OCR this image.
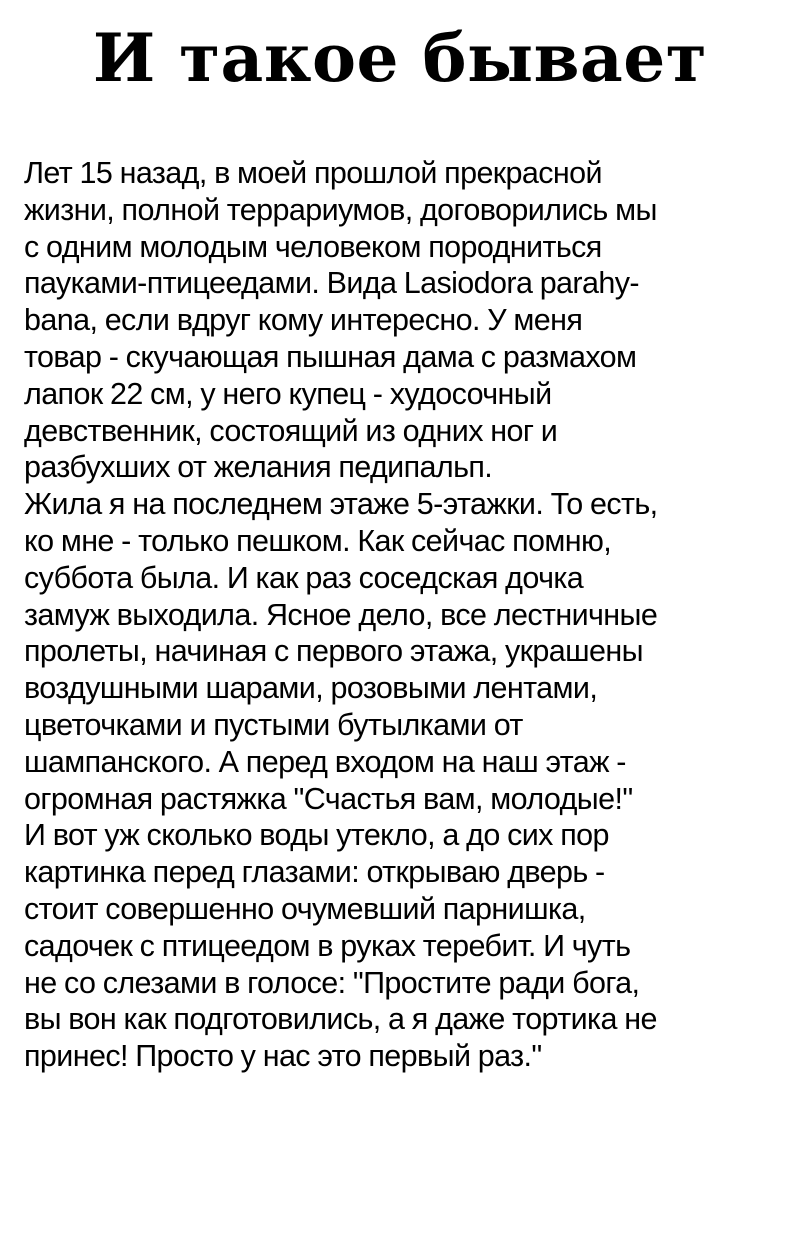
И такое бывает
Лет 15 назад, в моей прошлой прекрасной
жизни, полной террариумов, договорились мы
с одним молодым человеком породниться
пауками-птицеедами. Вида Lasiodora parahy-
bana, если вдруг кому интересно. У меня
товар - скучающая пышная дама с размахом
лапок 22 см, у него купец - худосочный
девственник, состоящий из одних ног и
разбухших от желания педипальп.
Жила я на последнем этаже 5-этажки. То есть,
ко мне - только пешком. Как сейчас помню,
суббота была. И как раз соседская дочка
замуж выходила. Ясное дело, все лестничные
пролеты, начиная с первого этажа, украшены
воздушными шарами, розовыми лентами,
цветочками и пустыми бутылками от
шампанского. А перед входом на наш этаж -
огромная растяжка "Счастья вам, молодые!"
И вот уж сколько воды утекло, а до сих пор
картинка перед глазами: открываю дверь -
стоит совершенно очумевший парнишка,
садочек с птицеедом в руках теребит. И чуть
не со слезами в голосе: "Простите ради бога,
вы вон как подготовились, а я даже тортика не
принес! Просто у нас это первый раз."
